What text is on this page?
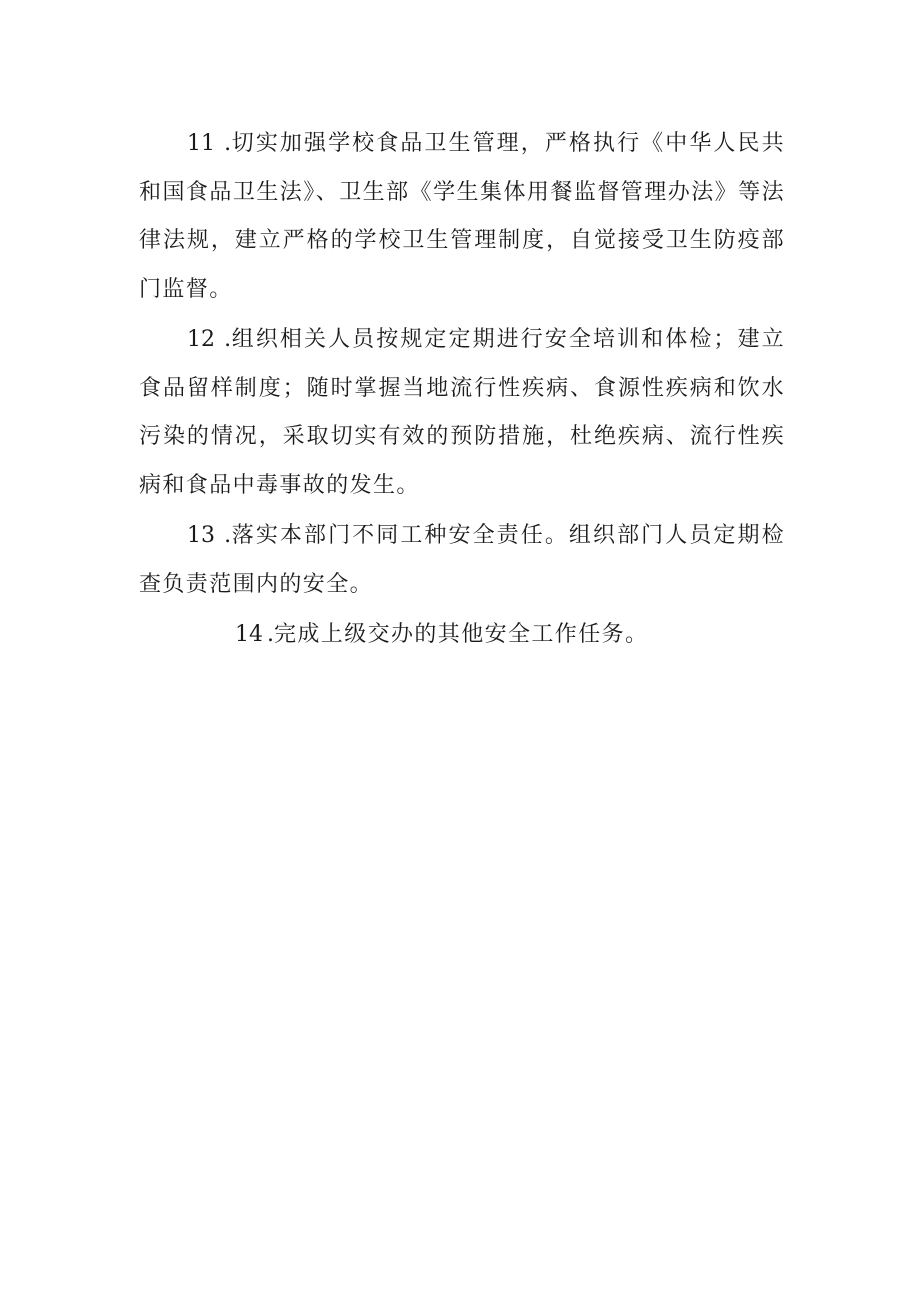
11 .切实加强学校食品卫生管理，严格执行《中华人民共和国食品卫生法》、卫生部《学生集体用餐监督管理办法》等法律法规，建立严格的学校卫生管理制度，自觉接受卫生防疫部门监督。

12 .组织相关人员按规定定期进行安全培训和体检；建立食品留样制度；随时掌握当地流行性疾病、食源性疾病和饮水污染的情况，采取切实有效的预防措施，杜绝疾病、流行性疾病和食品中毒事故的发生。

13 .落实本部门不同工种安全责任。组织部门人员定期检查负责范围内的安全。

14 .完成上级交办的其他安全工作任务。
